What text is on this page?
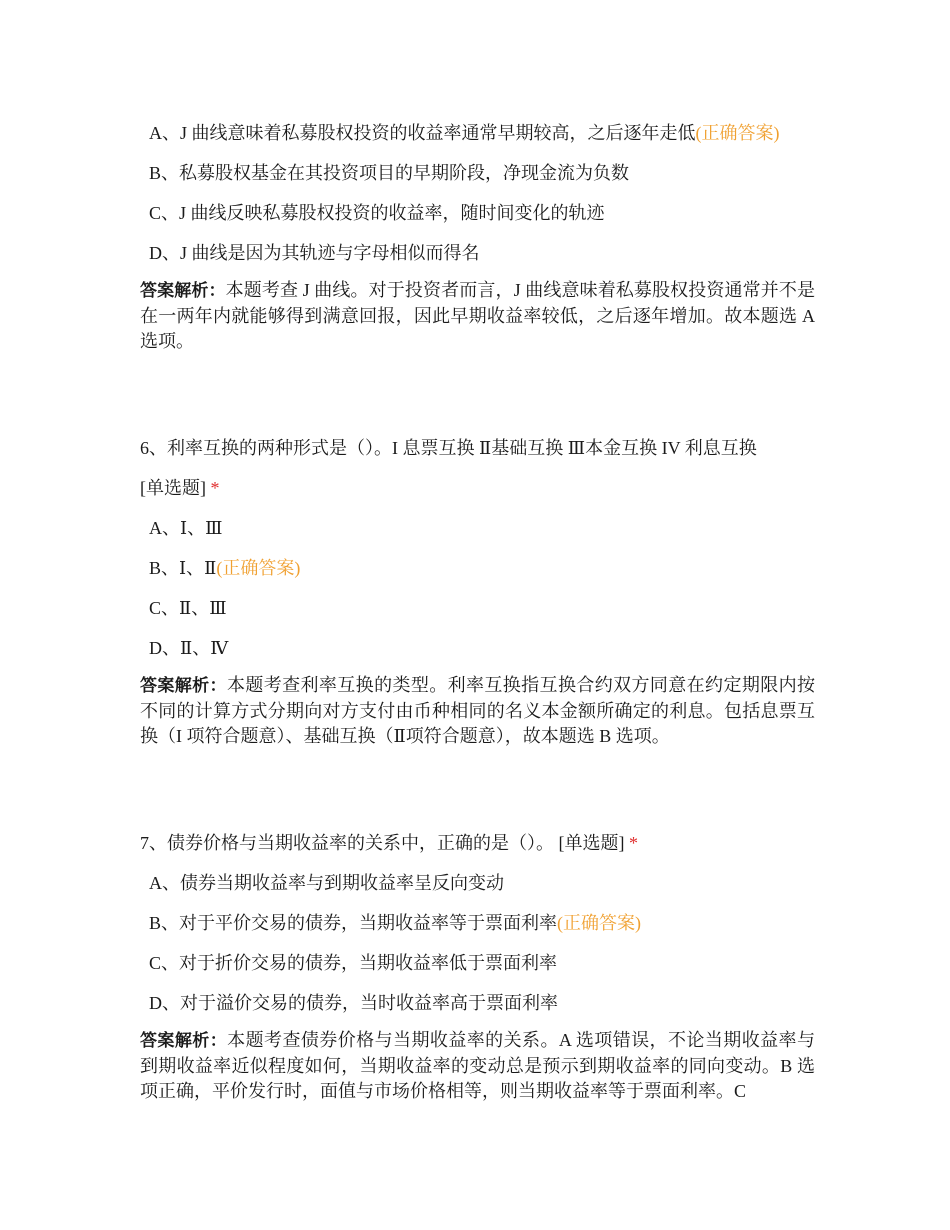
A、J 曲线意味着私募股权投资的收益率通常早期较高，之后逐年走低(正确答案)
B、私募股权基金在其投资项目的早期阶段，净现金流为负数
C、J 曲线反映私募股权投资的收益率，随时间变化的轨迹
D、J 曲线是因为其轨迹与字母相似而得名
答案解析：本题考查 J 曲线。对于投资者而言，J 曲线意味着私募股权投资通常并不是在一两年内就能够得到满意回报，因此早期收益率较低，之后逐年增加。故本题选 A 选项。
6、利率互换的两种形式是（）。I 息票互换 Ⅱ基础互换 Ⅲ本金互换 IV 利息互换
[单选题] *
A、Ⅰ、Ⅲ
B、Ⅰ、Ⅱ(正确答案)
C、Ⅱ、Ⅲ
D、Ⅱ、Ⅳ
答案解析：本题考查利率互换的类型。利率互换指互换合约双方同意在约定期限内按不同的计算方式分期向对方支付由币种相同的名义本金额所确定的利息。包括息票互换（I 项符合题意）、基础互换（Ⅱ项符合题意），故本题选 B 选项。
7、债券价格与当期收益率的关系中，正确的是（）。 [单选题] *
A、债券当期收益率与到期收益率呈反向变动
B、对于平价交易的债券，当期收益率等于票面利率(正确答案)
C、对于折价交易的债券，当期收益率低于票面利率
D、对于溢价交易的债券，当时收益率高于票面利率
答案解析：本题考查债券价格与当期收益率的关系。A 选项错误，不论当期收益率与到期收益率近似程度如何，当期收益率的变动总是预示到期收益率的同向变动。B 选项正确，平价发行时，面值与市场价格相等，则当期收益率等于票面利率。C
